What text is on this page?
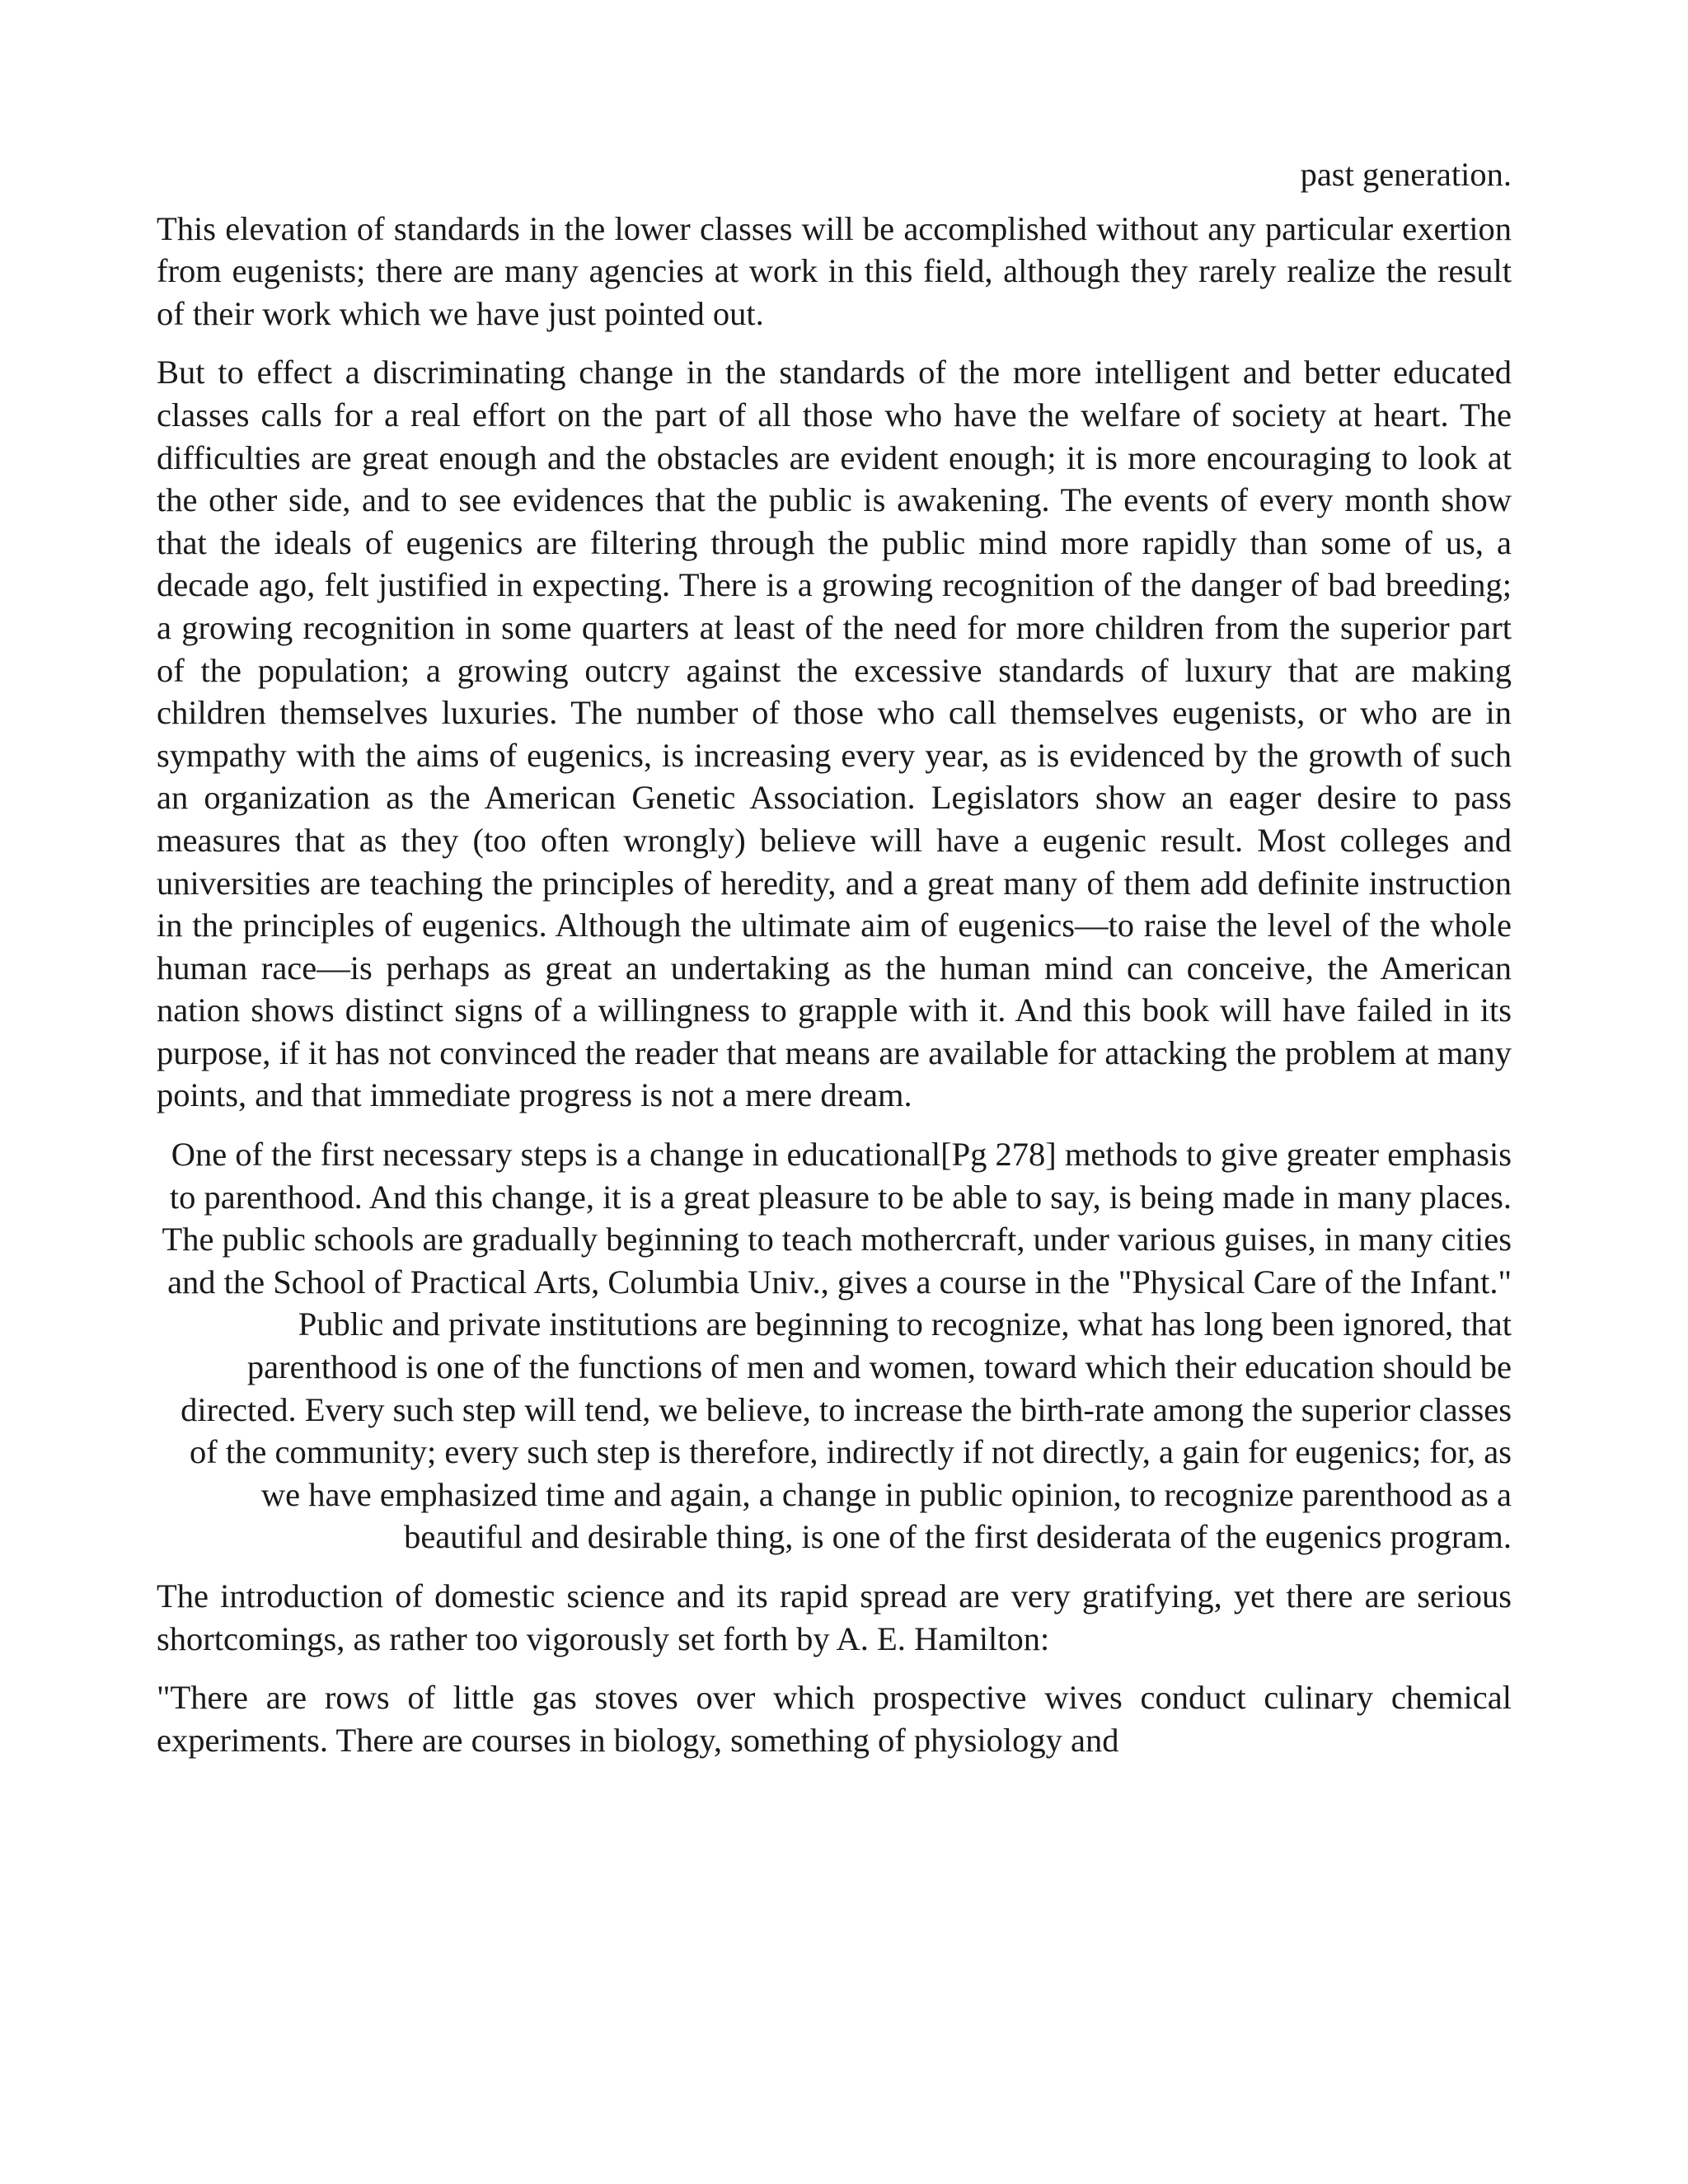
past generation.

This elevation of standards in the lower classes will be accomplished without any particular exertion from eugenists; there are many agencies at work in this field, although they rarely realize the result of their work which we have just pointed out.

But to effect a discriminating change in the standards of the more intelligent and better educated classes calls for a real effort on the part of all those who have the welfare of society at heart. The difficulties are great enough and the obstacles are evident enough; it is more encouraging to look at the other side, and to see evidences that the public is awakening. The events of every month show that the ideals of eugenics are filtering through the public mind more rapidly than some of us, a decade ago, felt justified in expecting. There is a growing recognition of the danger of bad breeding; a growing recognition in some quarters at least of the need for more children from the superior part of the population; a growing outcry against the excessive standards of luxury that are making children themselves luxuries. The number of those who call themselves eugenists, or who are in sympathy with the aims of eugenics, is increasing every year, as is evidenced by the growth of such an organization as the American Genetic Association. Legislators show an eager desire to pass measures that as they (too often wrongly) believe will have a eugenic result. Most colleges and universities are teaching the principles of heredity, and a great many of them add definite instruction in the principles of eugenics. Although the ultimate aim of eugenics—to raise the level of the whole human race—is perhaps as great an undertaking as the human mind can conceive, the American nation shows distinct signs of a willingness to grapple with it. And this book will have failed in its purpose, if it has not convinced the reader that means are available for attacking the problem at many points, and that immediate progress is not a mere dream.

One of the first necessary steps is a change in educational[Pg 278] methods to give greater emphasis to parenthood. And this change, it is a great pleasure to be able to say, is being made in many places. The public schools are gradually beginning to teach mothercraft, under various guises, in many cities and the School of Practical Arts, Columbia Univ., gives a course in the "Physical Care of the Infant." Public and private institutions are beginning to recognize, what has long been ignored, that parenthood is one of the functions of men and women, toward which their education should be directed. Every such step will tend, we believe, to increase the birth-rate among the superior classes of the community; every such step is therefore, indirectly if not directly, a gain for eugenics; for, as we have emphasized time and again, a change in public opinion, to recognize parenthood as a beautiful and desirable thing, is one of the first desiderata of the eugenics program.

The introduction of domestic science and its rapid spread are very gratifying, yet there are serious shortcomings, as rather too vigorously set forth by A. E. Hamilton:

"There are rows of little gas stoves over which prospective wives conduct culinary chemical experiments. There are courses in biology, something of physiology and
